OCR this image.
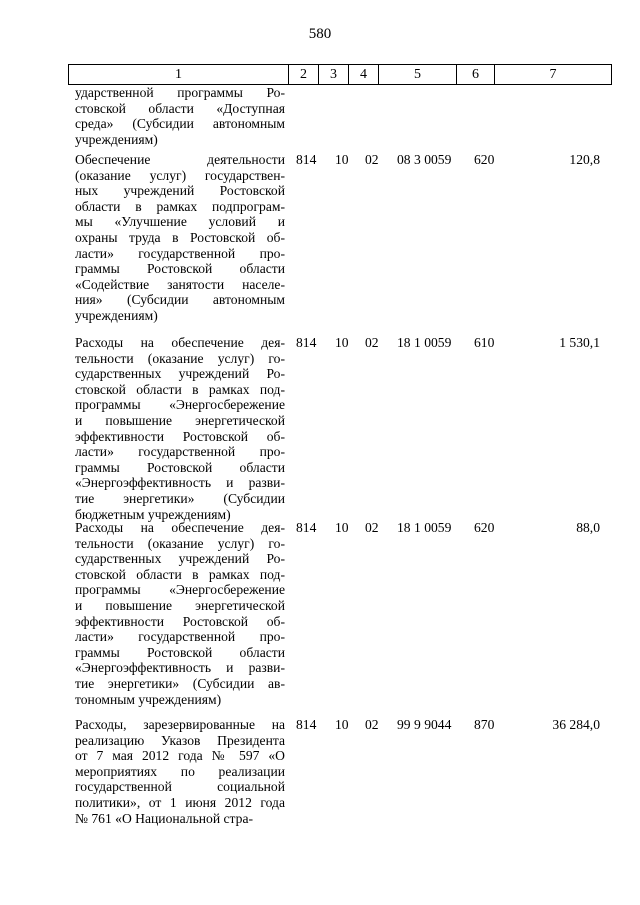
580
1	2	3	4	5	6	7
ударственной программы Ро-
стовской области «Доступная
среда» (Субсидии автономным
учреждениям)
Обеспечение деятельности
(оказание услуг) государствен-
ных учреждений Ростовской
области в рамках подпрограм-
мы «Улучшение условий и
охраны труда в Ростовской об-
ласти» государственной про-
граммы Ростовской области
«Содействие занятости населе-
ния» (Субсидии автономным
учреждениям)
814	10	02	08 3 0059	620	120,8
Расходы на обеспечение дея-
тельности (оказание услуг) го-
сударственных учреждений Ро-
стовской области в рамках под-
программы «Энергосбережение
и повышение энергетической
эффективности Ростовской об-
ласти» государственной про-
граммы Ростовской области
«Энергоэффективность и разви-
тие энергетики» (Субсидии
бюджетным учреждениям)
814	10	02	18 1 0059	610	1 530,1
Расходы на обеспечение дея-
тельности (оказание услуг) го-
сударственных учреждений Ро-
стовской области в рамках под-
программы «Энергосбережение
и повышение энергетической
эффективности Ростовской об-
ласти» государственной про-
граммы Ростовской области
«Энергоэффективность и разви-
тие энергетики» (Субсидии ав-
тономным учреждениям)
814	10	02	18 1 0059	620	88,0
Расходы, зарезервированные на
реализацию Указов Президента
от 7 мая 2012 года № 597 «О
мероприятиях по реализации
государственной социальной
политики», от 1 июня 2012 года
№ 761 «О Национальной стра-
814	10	02	99 9 9044	870	36 284,0
